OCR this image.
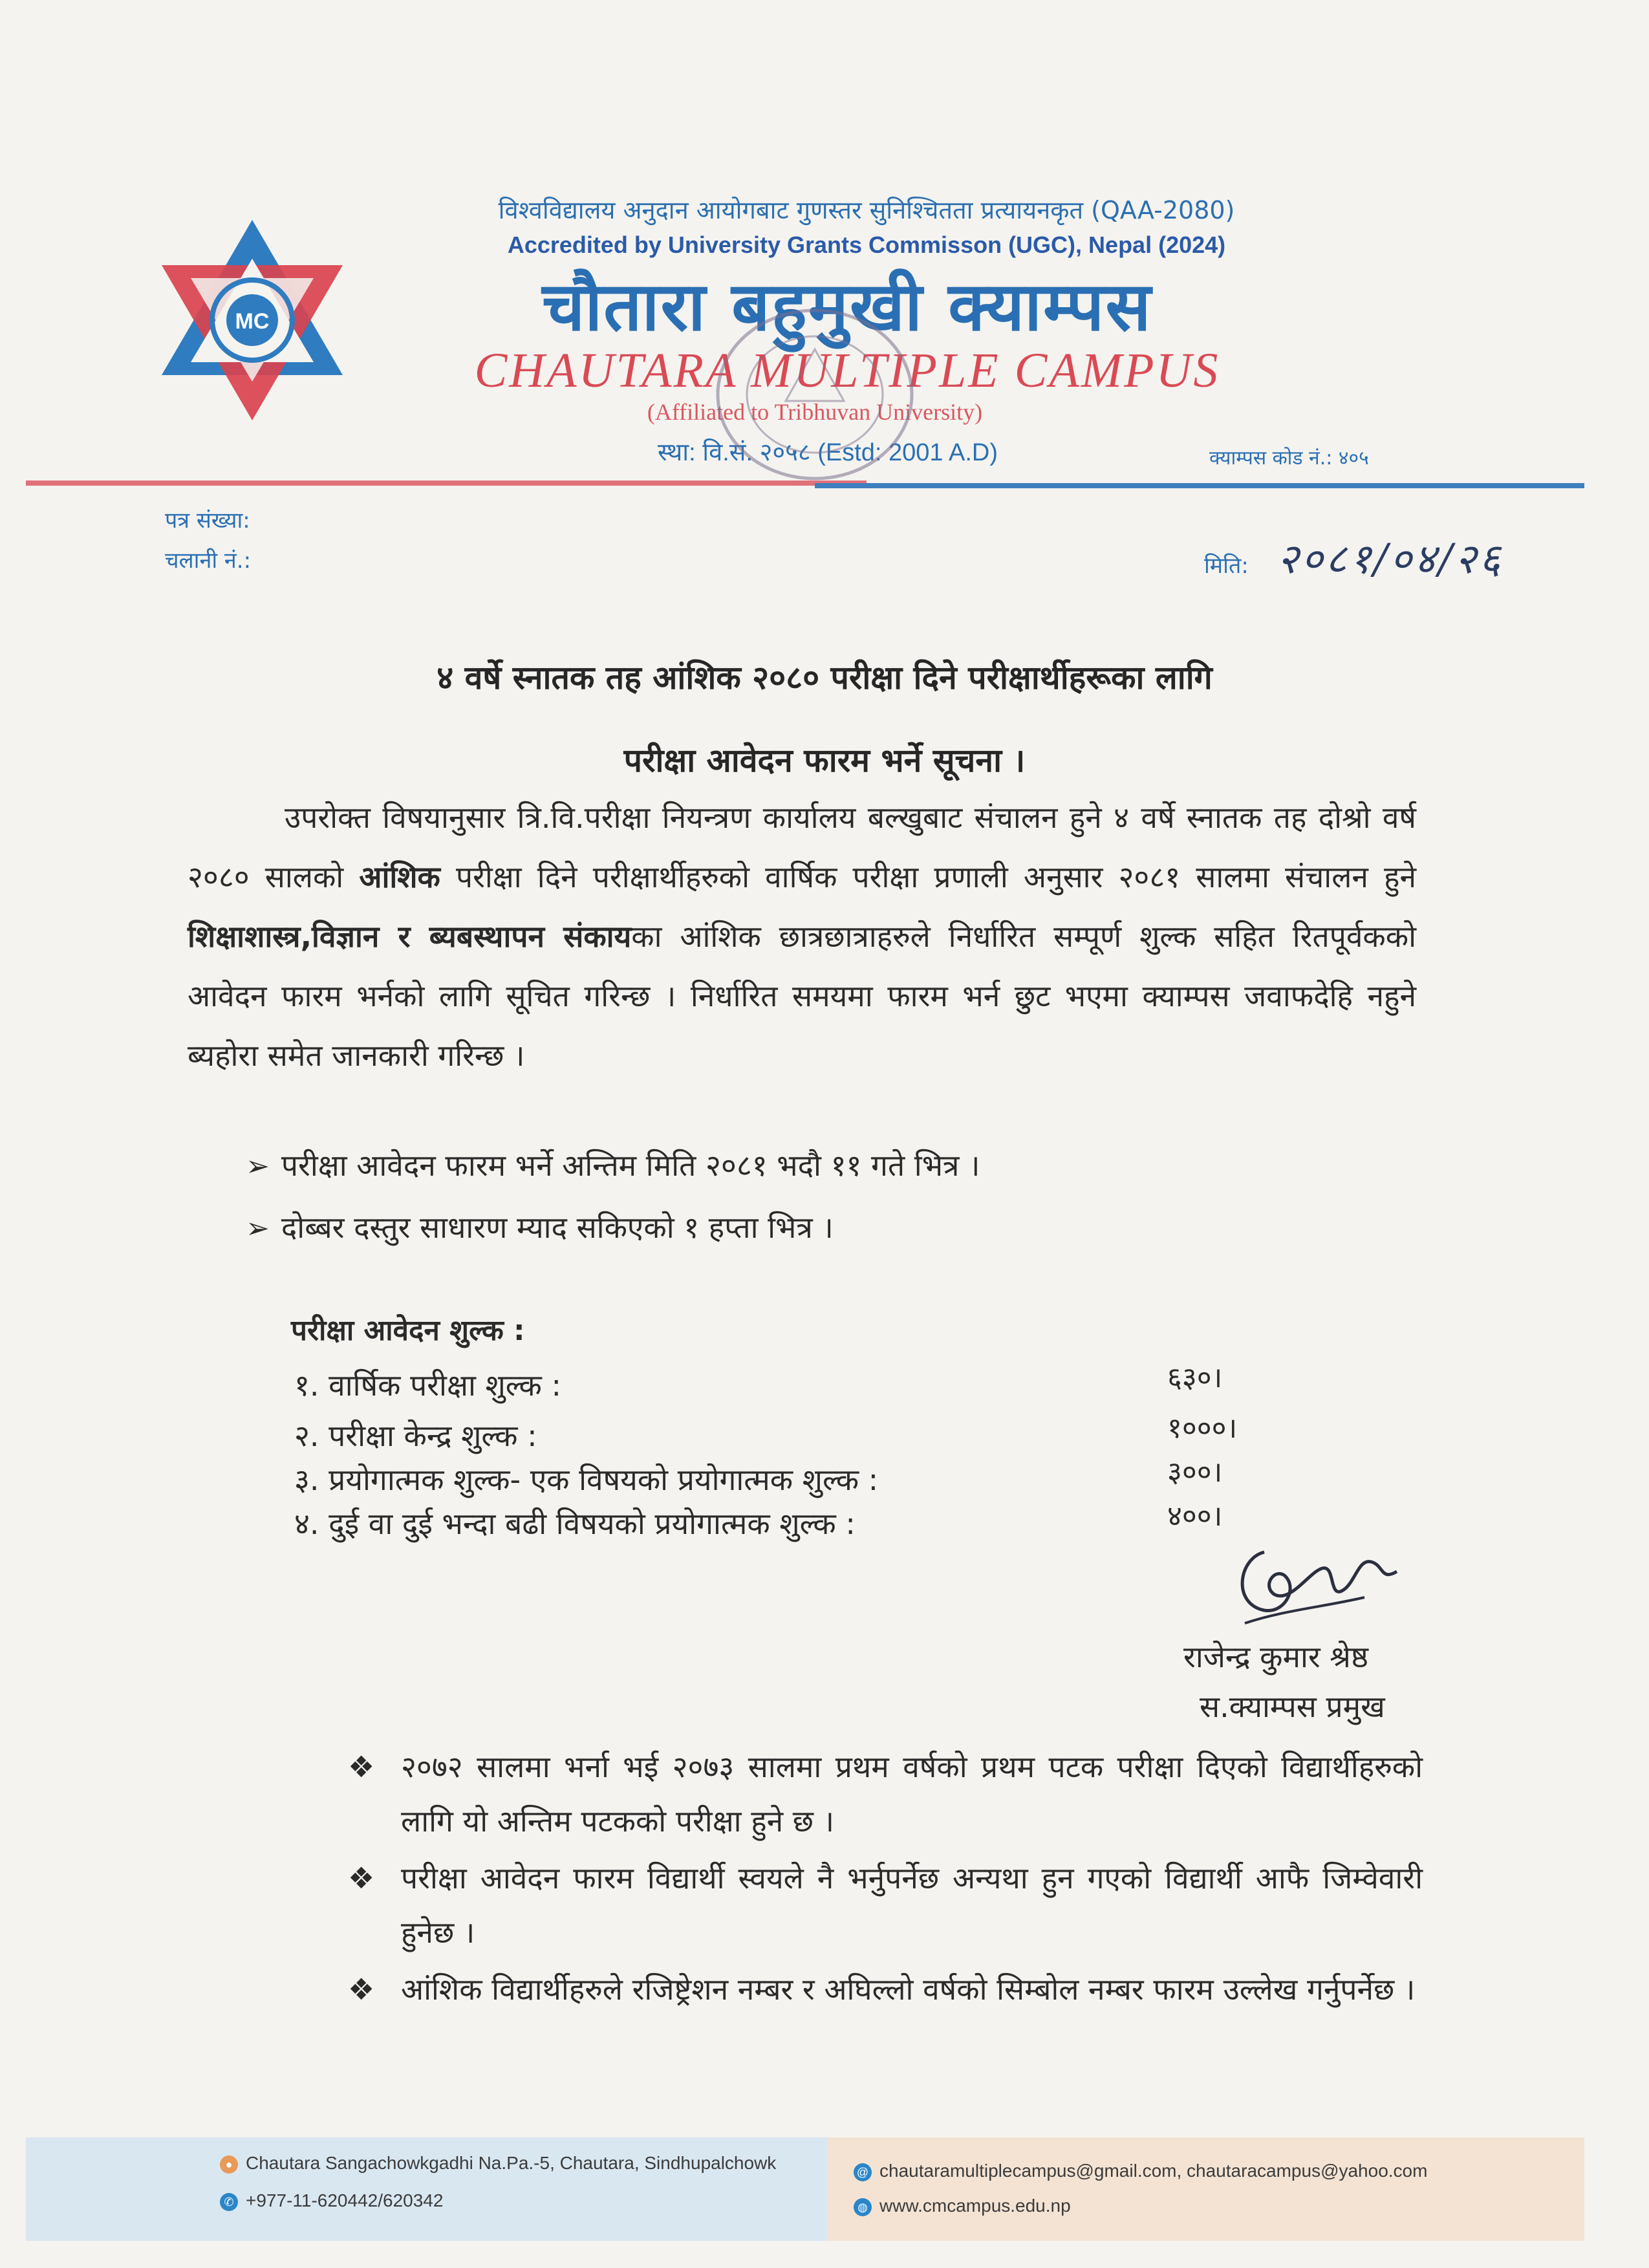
MC
विश्वविद्यालय अनुदान आयोगबाट गुणस्तर सुनिश्चितता प्रत्यायनकृत (QAA-2080)
Accredited by University Grants Commisson (UGC), Nepal (2024)
चौतारा बहुमुखी क्याम्पस
CHAUTARA MULTIPLE CAMPUS
(Affiliated to Tribhuvan University)
स्था: वि.सं. २०५८ (Estd: 2001 A.D)	क्याम्पस कोड नं.: ४०५
पत्र संख्या:
चलानी नं.:	मिति: २०८१/०४/२६
४ वर्षे स्नातक तह आंशिक २०८० परीक्षा दिने परीक्षार्थीहरूका लागि
परीक्षा आवेदन फारम भर्ने सूचना ।
उपरोक्त विषयानुसार त्रि.वि.परीक्षा नियन्त्रण कार्यालय बल्खुबाट संचालन हुने ४ वर्षे स्नातक तह दोश्रो वर्ष २०८० सालको आंशिक परीक्षा दिने परीक्षार्थीहरुको वार्षिक परीक्षा प्रणाली अनुसार २०८१ सालमा संचालन हुने शिक्षाशास्त्र,विज्ञान र ब्यबस्थापन संकायका आंशिक छात्रछात्राहरुले निर्धारित सम्पूर्ण शुल्क सहित रितपूर्वकको आवेदन फारम भर्नको लागि सूचित गरिन्छ । निर्धारित समयमा फारम भर्न छुट भएमा क्याम्पस जवाफदेहि नहुने ब्यहोरा समेत जानकारी गरिन्छ ।
➢ परीक्षा आवेदन फारम भर्ने अन्तिम मिति २०८१ भदौ ११ गते भित्र ।
➢ दोब्बर दस्तुर साधारण म्याद सकिएको १ हप्ता भित्र ।
परीक्षा आवेदन शुल्क :
१. वार्षिक परीक्षा शुल्क :	६३०।
२. परीक्षा केन्द्र शुल्क :	१०००।
३. प्रयोगात्मक शुल्क- एक विषयको प्रयोगात्मक शुल्क :	३००।
४. दुई वा दुई भन्दा बढी विषयको प्रयोगात्मक शुल्क :	४००।
राजेन्द्र कुमार श्रेष्ठ
स.क्याम्पस प्रमुख
❖ २०७२ सालमा भर्ना भई २०७३ सालमा प्रथम वर्षको प्रथम पटक परीक्षा दिएको विद्यार्थीहरुको लागि यो अन्तिम पटकको परीक्षा हुने छ ।
❖ परीक्षा आवेदन फारम विद्यार्थी स्वयले नै भर्नुपर्नेछ अन्यथा हुन गएको विद्यार्थी आफै जिम्वेवारी हुनेछ ।
❖ आंशिक विद्यार्थीहरुले रजिष्ट्रेशन नम्बर र अघिल्लो वर्षको सिम्बोल नम्बर फारम उल्लेख गर्नुपर्नेछ ।
● Chautara Sangachowkgadhi Na.Pa.-5, Chautara, Sindhupalchowk
✆ +977-11-620442/620342
@ chautaramultiplecampus@gmail.com, chautaracampus@yahoo.com
◍ www.cmcampus.edu.np
